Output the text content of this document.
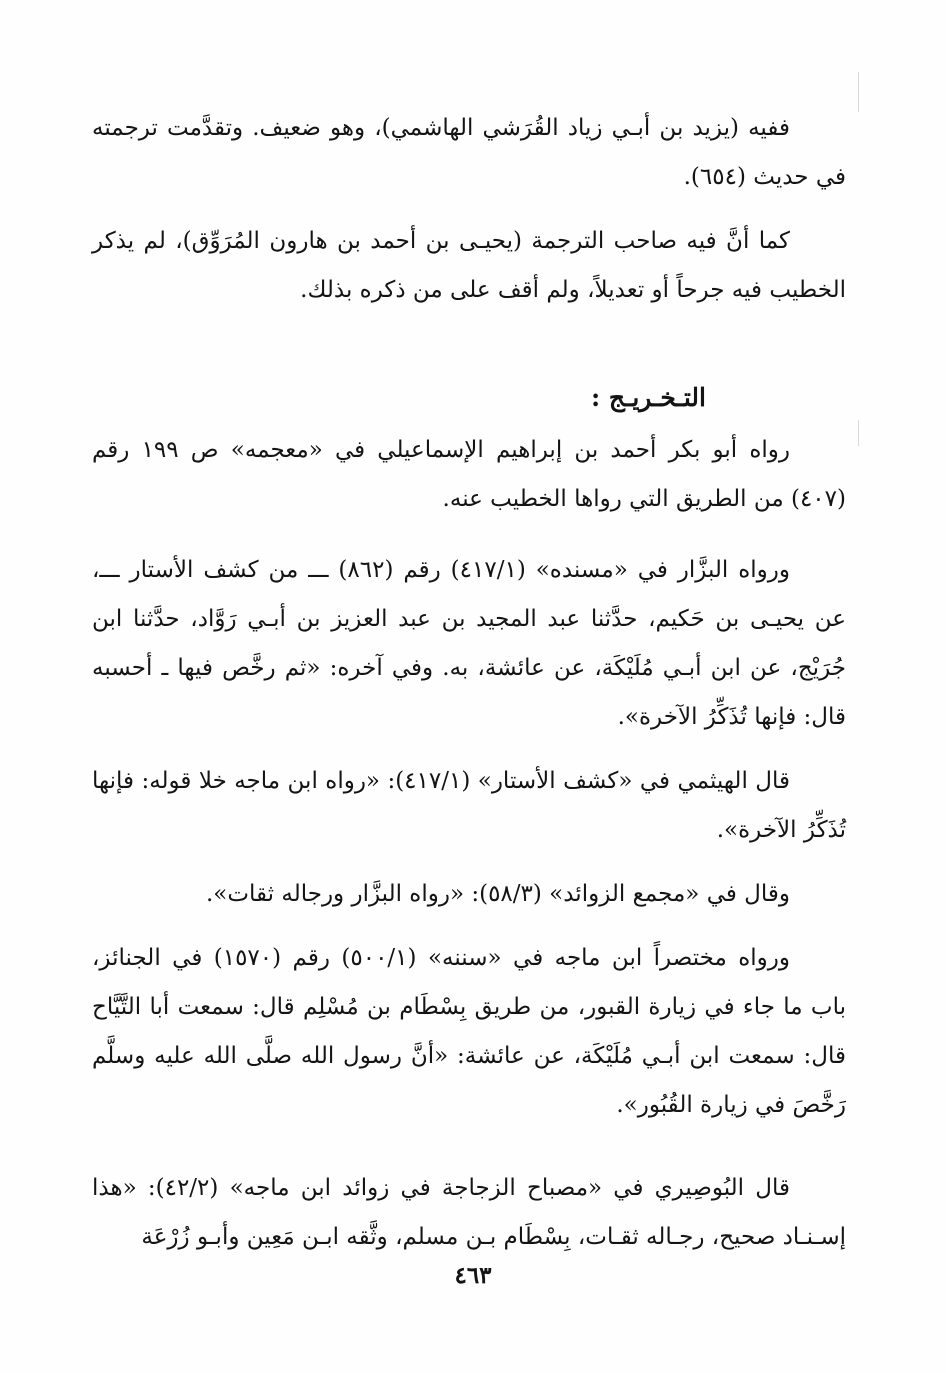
ففيه (يزيد بن أبـي زياد القُرَشي الهاشمي)، وهو ضعيف. وتقدَّمت ترجمته في حديث (٦٥٤).

كما أنَّ فيه صاحب الترجمة (يحيـى بن أحمد بن هارون المُرَوِّق)، لم يذكر الخطيب فيه جرحاً أو تعديلاً، ولم أقف على من ذكره بذلك.

التـخـريـج :

رواه أبو بكر أحمد بن إبراهيم الإسماعيلي في «معجمه» ص ١٩٩ رقم (٤٠٧) من الطريق التي رواها الخطيب عنه.

ورواه البزَّار في «مسنده» (٤١٧/١) رقم (٨٦٢) ـــ من كشف الأستار ـــ، عن يحيـى بن حَكيم، حدَّثنا عبد المجيد بن عبد العزيز بن أبـي رَوَّاد، حدَّثنا ابن جُرَيْج، عن ابن أبـي مُلَيْكَة، عن عائشة، به. وفي آخره: «ثم رخَّص فيها ـ أحسبه قال: فإنها تُذَكِّرُ الآخرة».

قال الهيثمي في «كشف الأستار» (٤١٧/١): «رواه ابن ماجه خلا قوله: فإنها تُذَكِّرُ الآخرة».

وقال في «مجمع الزوائد» (٥٨/٣): «رواه البزَّار ورجاله ثقات».

ورواه مختصراً ابن ماجه في «سننه» (٥٠٠/١) رقم (١٥٧٠) في الجنائز، باب ما جاء في زيارة القبور، من طريق بِسْطَام بن مُسْلِم قال: سمعت أبا التَّيَّاح قال: سمعت ابن أبـي مُلَيْكَة، عن عائشة: «أنَّ رسول الله صلَّى الله عليه وسلَّم رَخَّصَ في زيارة القُبُور».

قال البُوصِيري في «مصباح الزجاجة في زوائد ابن ماجه» (٤٢/٢): «هذا إسـنـاد صحيح، رجـاله ثقـات، بِسْطَام بـن مسلم، وثَّقه ابـن مَعِين وأبـو زُرْعَة

٤٦٣
